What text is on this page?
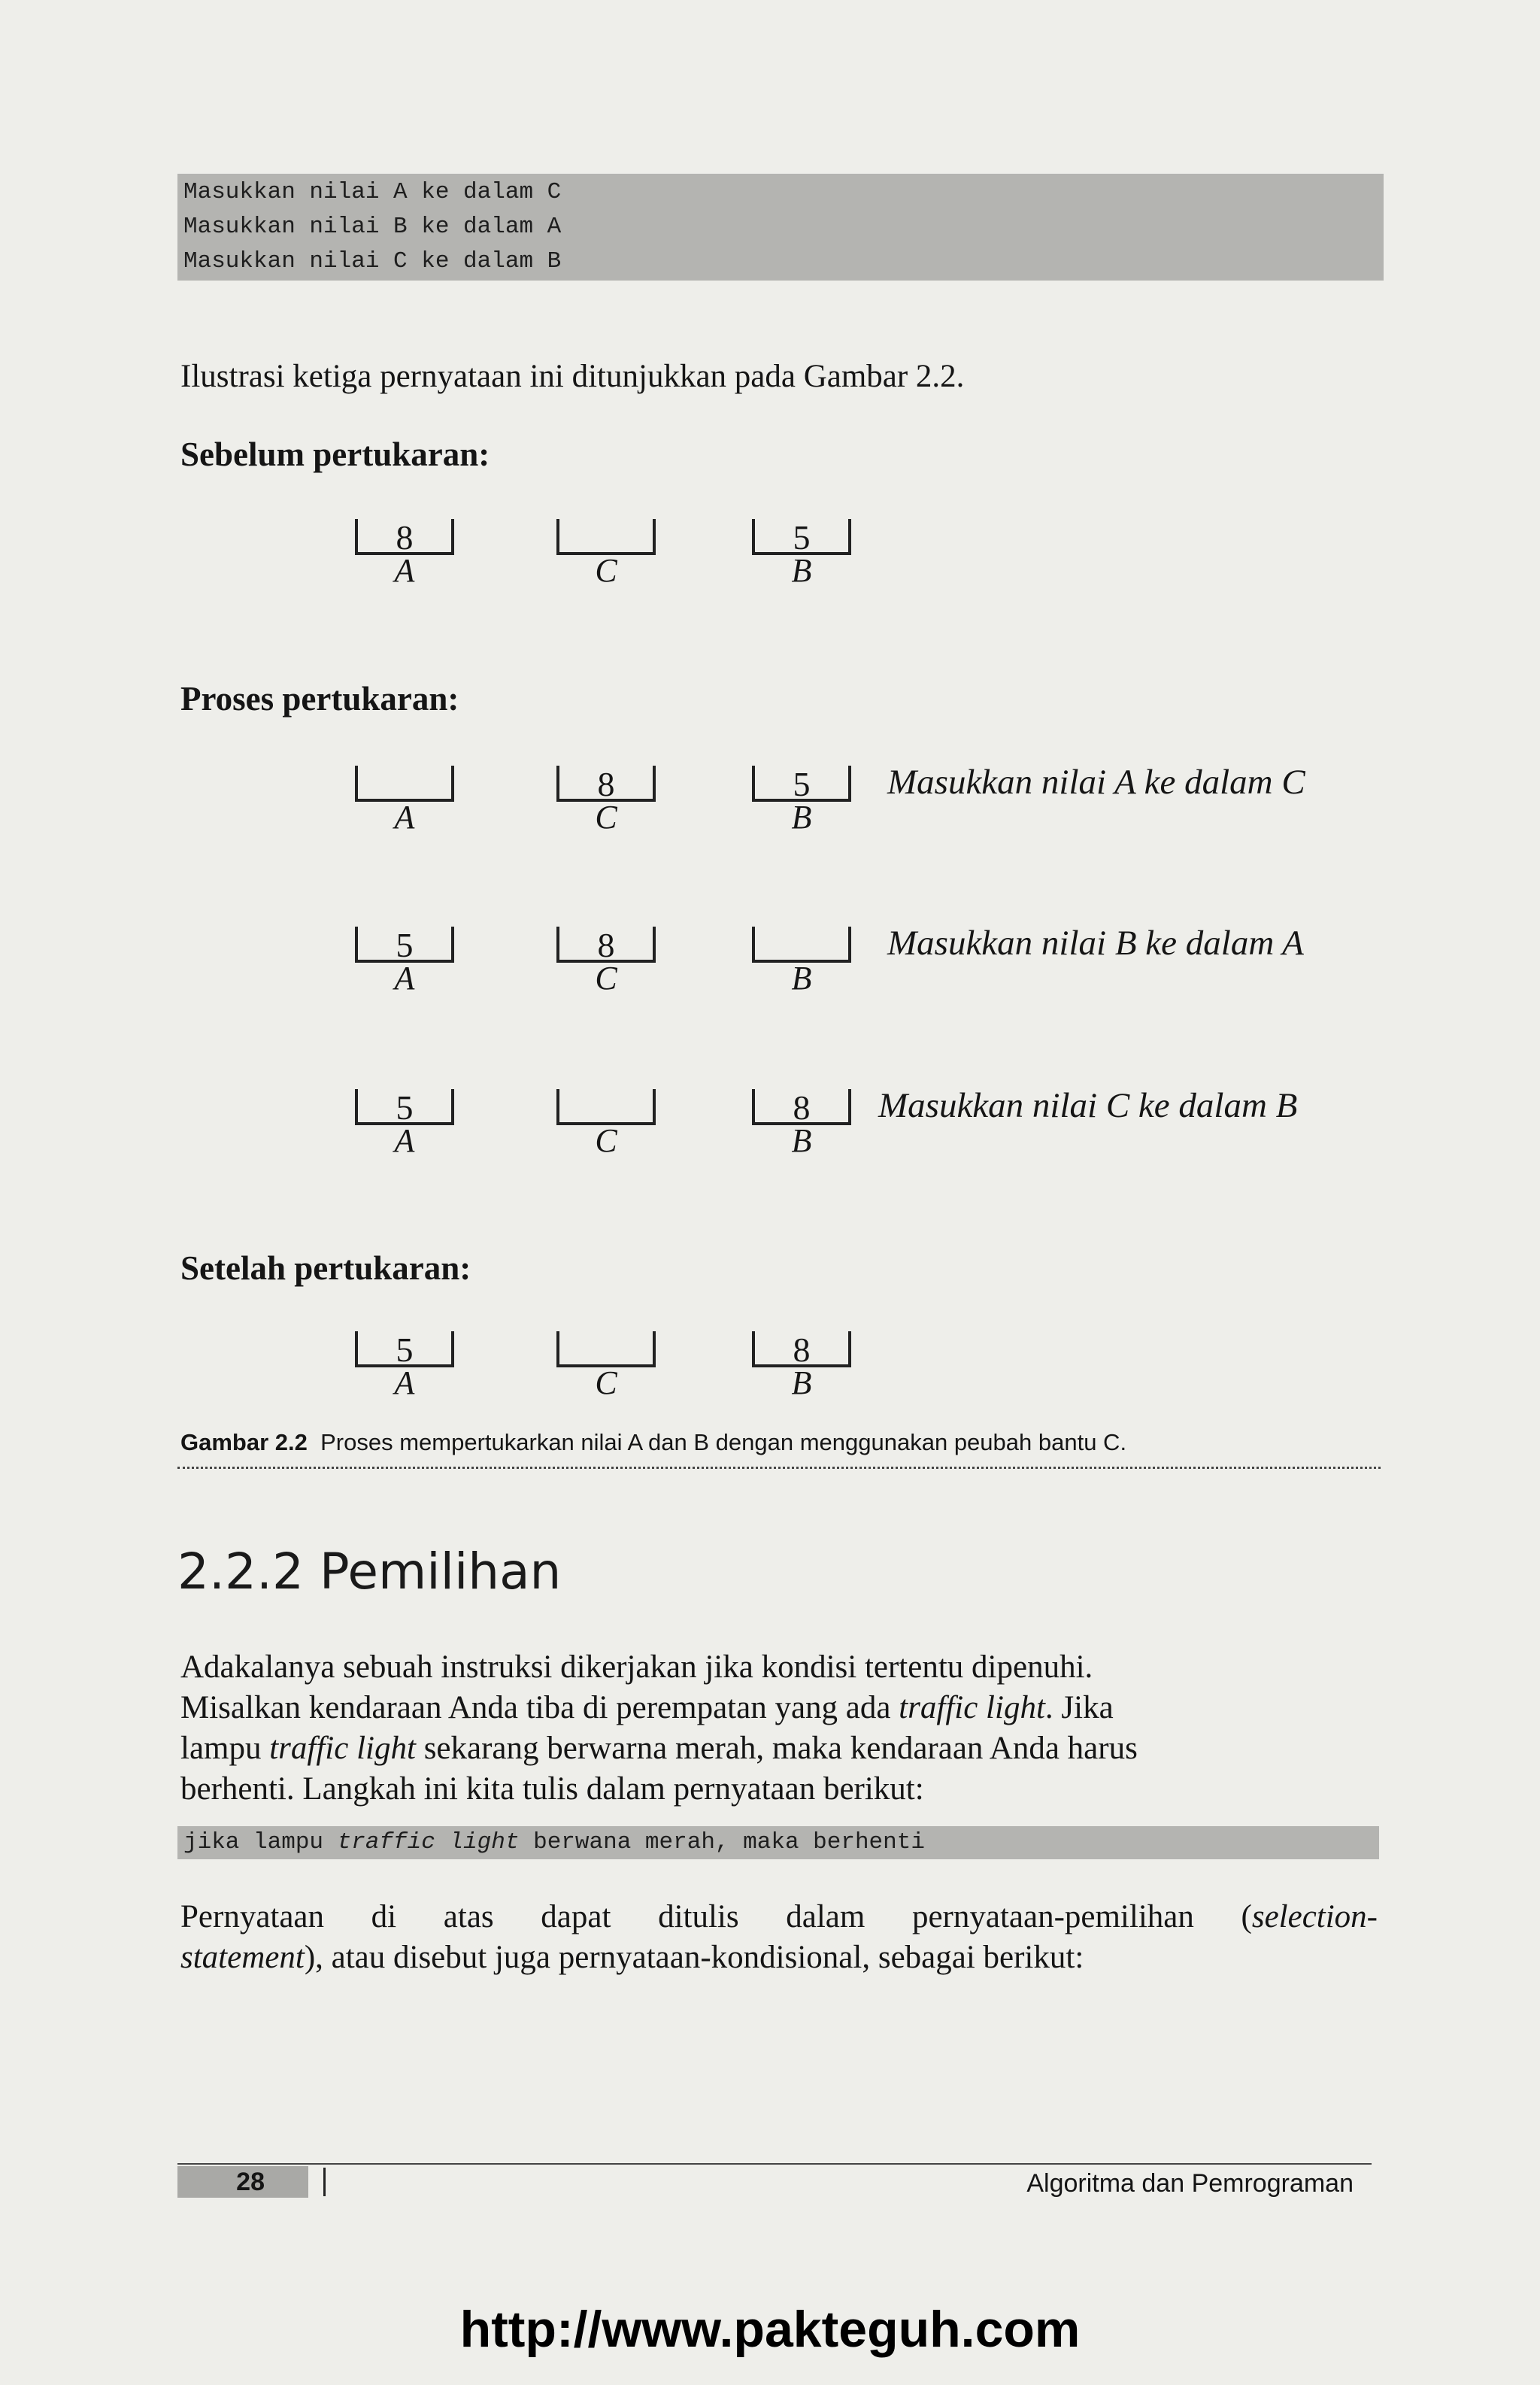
Masukkan nilai A ke dalam C
Masukkan nilai B ke dalam A
Masukkan nilai C ke dalam B
Ilustrasi ketiga pernyataan ini ditunjukkan pada Gambar 2.2.
Sebelum pertukaran:
8	5
A	C	B
Proses pertukaran:
8	5
A	C	B
Masukkan nilai A ke dalam C
5	8
A	C	B
Masukkan nilai B ke dalam A
5	8
A	C	B
Masukkan nilai C ke dalam B
Setelah pertukaran:
5	8
A	C	B
Gambar 2.2 Proses mempertukarkan nilai A dan B dengan menggunakan peubah bantu C.
2.2.2 Pemilihan
Adakalanya sebuah instruksi dikerjakan jika kondisi tertentu dipenuhi.
Misalkan kendaraan Anda tiba di perempatan yang ada traffic light. Jika
lampu traffic light sekarang berwarna merah, maka kendaraan Anda harus
berhenti. Langkah ini kita tulis dalam pernyataan berikut:
jika lampu traffic light berwana merah, maka berhenti
Pernyataan di atas dapat ditulis dalam pernyataan-pemilihan (selection-
statement), atau disebut juga pernyataan-kondisional, sebagai berikut:
28	Algoritma dan Pemrograman
http://www.pakteguh.com
